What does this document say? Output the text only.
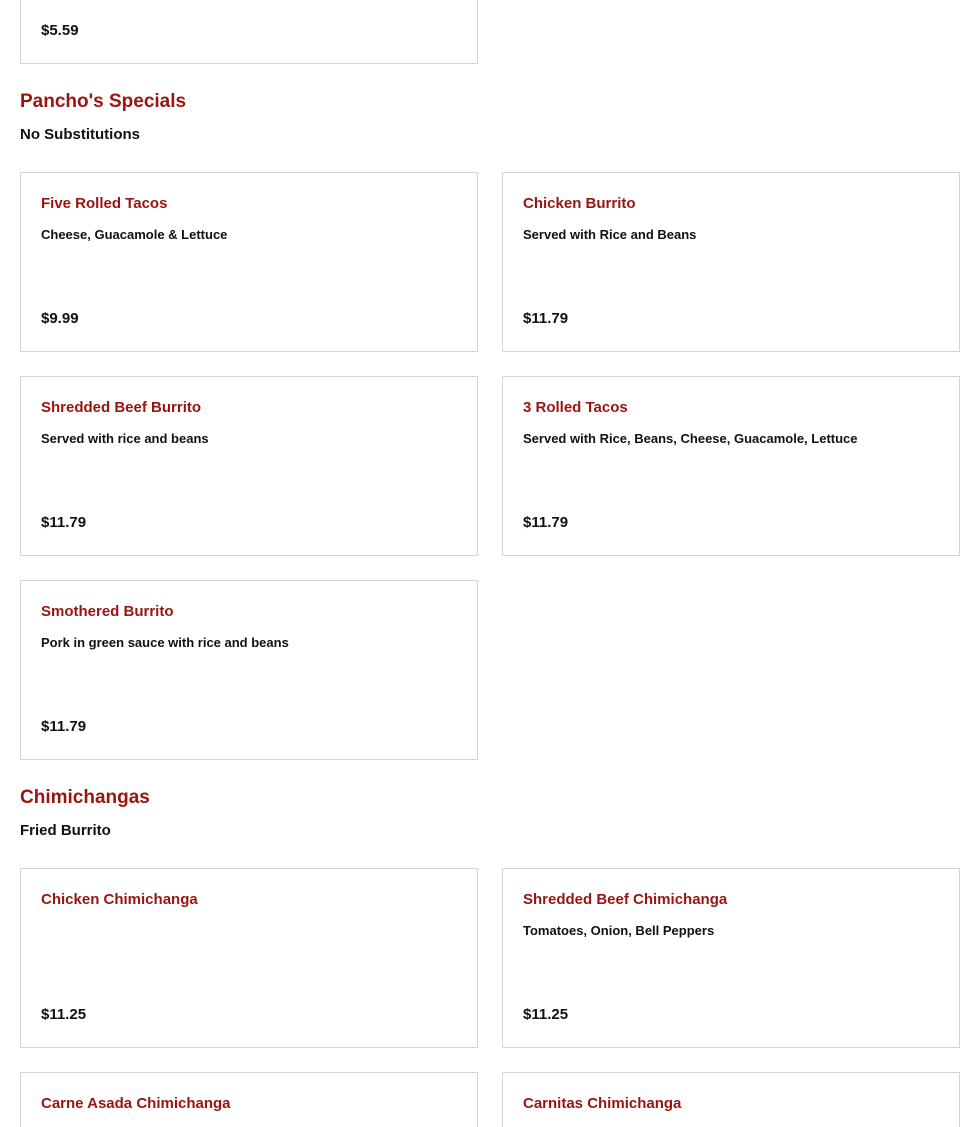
$5.59
Pancho's Specials
No Substitutions
Five Rolled Tacos
Cheese, Guacamole & Lettuce
$9.99
Chicken Burrito
Served with Rice and Beans
$11.79
Shredded Beef Burrito
Served with rice and beans
$11.79
3 Rolled Tacos
Served with Rice, Beans, Cheese, Guacamole, Lettuce
$11.79
Smothered Burrito
Pork in green sauce with rice and beans
$11.79
Chimichangas
Fried Burrito
Chicken Chimichanga
$11.25
Shredded Beef Chimichanga
Tomatoes, Onion, Bell Peppers
$11.25
Carne Asada Chimichanga	Carnitas Chimichanga
